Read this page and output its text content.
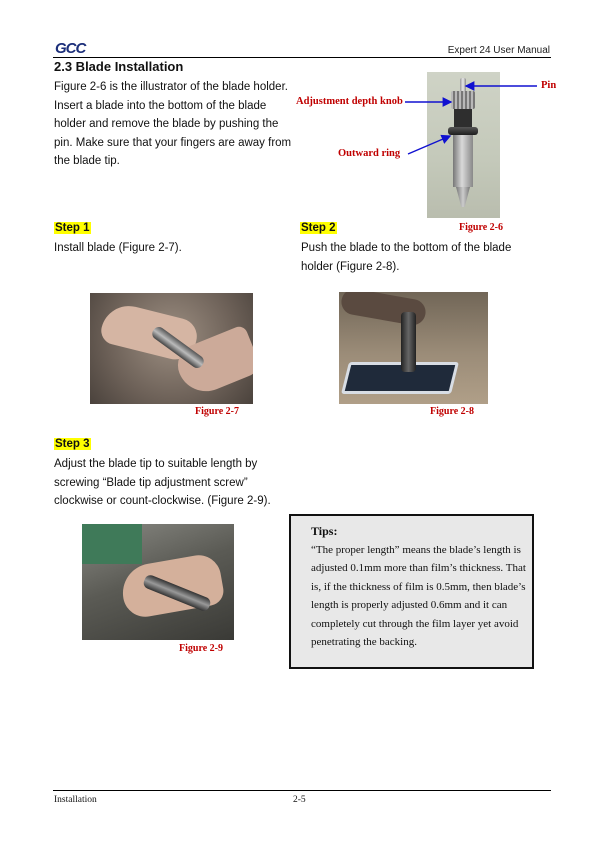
GCC	Expert 24 User Manual
2.3 Blade Installation
Figure 2-6 is the illustrator of the blade holder. Insert a blade into the bottom of the blade holder and remove the blade by pushing the pin. Make sure that your fingers are away from the blade tip.
Pin
Adjustment depth knob
Outward ring
Figure 2-6
Step 1
Install blade (Figure 2-7).
Step 2
Push the blade to the bottom of the blade holder (Figure 2-8).
Figure 2-7	Figure 2-8
Step 3
Adjust the blade tip to suitable length by screwing “Blade tip adjustment screw” clockwise or count-clockwise. (Figure 2-9).
Figure 2-9
Tips:
“The proper length” means the blade’s length is adjusted 0.1mm more than film’s thickness. That is, if the thickness of film is 0.5mm, then blade’s length is properly adjusted 0.6mm and it can completely cut through the film layer yet avoid penetrating the backing.
Installation	2-5
